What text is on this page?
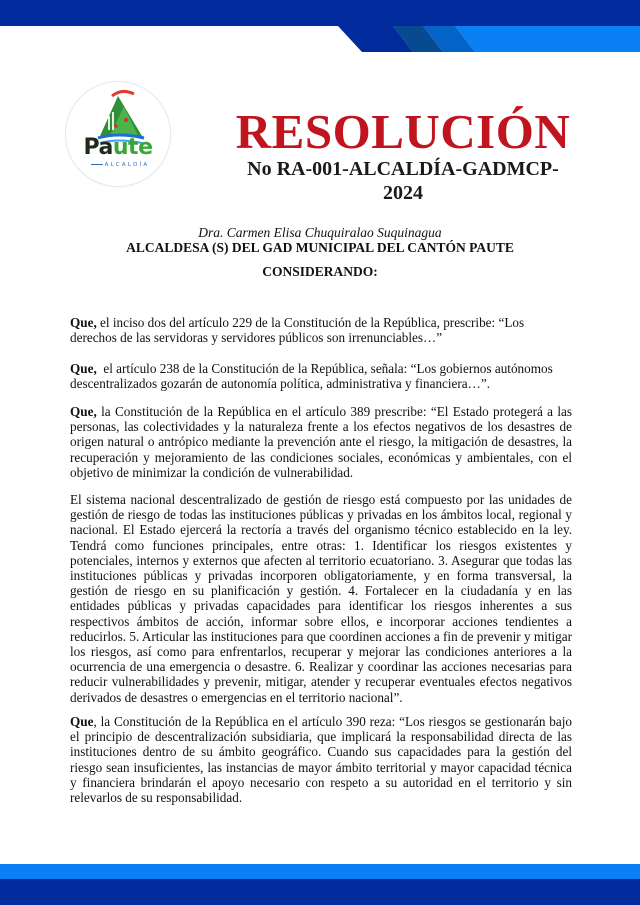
Paute
ALCALDÍA
RESOLUCIÓN
No RA-001-ALCALDÍA-GADMCP-2024
Dra. Carmen Elisa Chuquiralao Suquinagua
ALCALDESA (S) DEL GAD MUNICIPAL DEL CANTÓN PAUTE
CONSIDERANDO:
Que, el inciso dos del artículo 229 de la Constitución de la República, prescribe: “Los derechos de las servidoras y servidores públicos son irrenunciables…”
Que,  el artículo 238 de la Constitución de la República, señala: “Los gobiernos autónomos descentralizados gozarán de autonomía política, administrativa y financiera…”.
Que, la Constitución de la República en el artículo 389 prescribe: “El Estado protegerá a las personas, las colectividades y la naturaleza frente a los efectos negativos de los desastres de origen natural o antrópico mediante la prevención ante el riesgo, la mitigación de desastres, la recuperación y mejoramiento de las condiciones sociales, económicas y ambientales, con el objetivo de minimizar la condición de vulnerabilidad.
El sistema nacional descentralizado de gestión de riesgo está compuesto por las unidades de gestión de riesgo de todas las instituciones públicas y privadas en los ámbitos local, regional y nacional. El Estado ejercerá la rectoría a través del organismo técnico establecido en la ley. Tendrá como funciones principales, entre otras: 1. Identificar los riesgos existentes y potenciales, internos y externos que afecten al territorio ecuatoriano. 3. Asegurar que todas las instituciones públicas y privadas incorporen obligatoriamente, y en forma transversal, la gestión de riesgo en su planificación y gestión. 4. Fortalecer en la ciudadanía y en las entidades públicas y privadas capacidades para identificar los riesgos inherentes a sus respectivos ámbitos de acción, informar sobre ellos, e incorporar acciones tendientes a reducirlos. 5. Articular las instituciones para que coordinen acciones a fin de prevenir y mitigar los riesgos, así como para enfrentarlos, recuperar y mejorar las condiciones anteriores a la ocurrencia de una emergencia o desastre. 6. Realizar y coordinar las acciones necesarias para reducir vulnerabilidades y prevenir, mitigar, atender y recuperar eventuales efectos negativos derivados de desastres o emergencias en el territorio nacional”.
Que, la Constitución de la República en el artículo 390 reza: “Los riesgos se gestionarán bajo el principio de descentralización subsidiaria, que implicará la responsabilidad directa de las instituciones dentro de su ámbito geográfico. Cuando sus capacidades para la gestión del riesgo sean insuficientes, las instancias de mayor ámbito territorial y mayor capacidad técnica y financiera brindarán el apoyo necesario con respeto a su autoridad en el territorio y sin relevarlos de su responsabilidad.
